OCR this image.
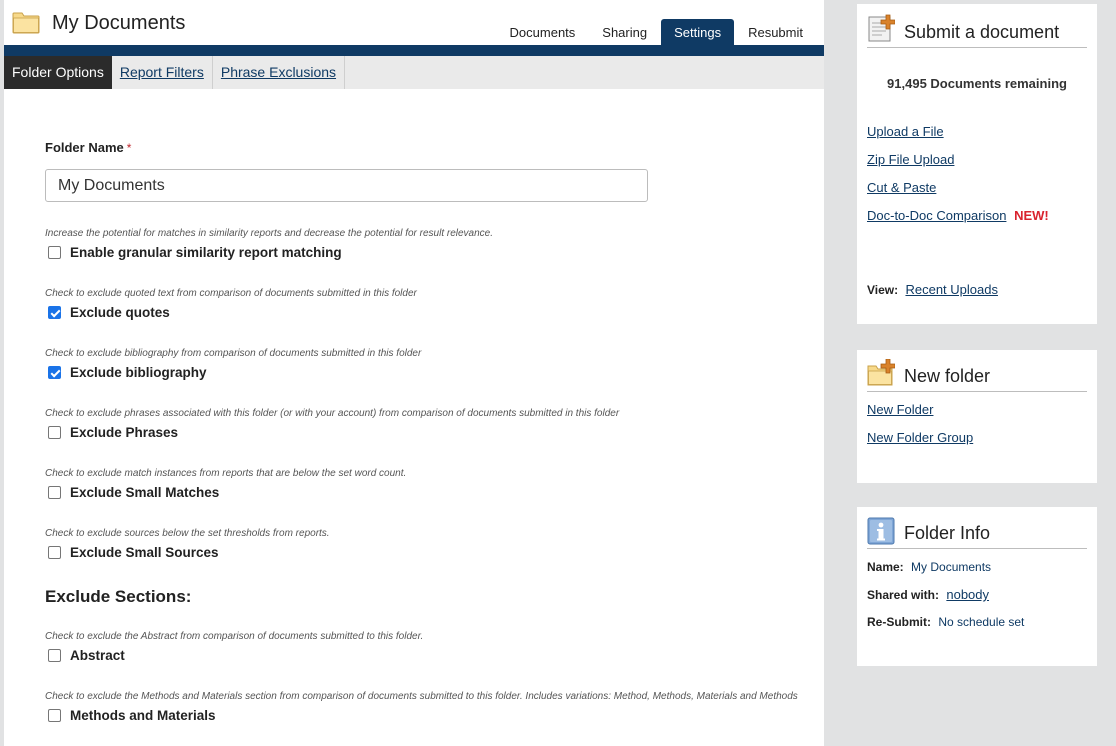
My Documents	Documents	Sharing	Settings	Resubmit
Folder Options	Report Filters	Phrase Exclusions
Folder Name *
My Documents
Increase the potential for matches in similarity reports and decrease the potential for result relevance.
Enable granular similarity report matching
Check to exclude quoted text from comparison of documents submitted in this folder
Exclude quotes
Check to exclude bibliography from comparison of documents submitted in this folder
Exclude bibliography
Check to exclude phrases associated with this folder (or with your account) from comparison of documents submitted in this folder
Exclude Phrases
Check to exclude match instances from reports that are below the set word count.
Exclude Small Matches
Check to exclude sources below the set thresholds from reports.
Exclude Small Sources
Exclude Sections:
Check to exclude the Abstract from comparison of documents submitted to this folder.
Abstract
Check to exclude the Methods and Materials section from comparison of documents submitted to this folder. Includes variations: Method, Methods, Materials and Methods
Methods and Materials
Submit a document
91,495 Documents remaining
Upload a File
Zip File Upload
Cut & Paste
Doc-to-Doc Comparison NEW!
View: Recent Uploads
New folder
New Folder
New Folder Group
Folder Info
Name: My Documents
Shared with: nobody
Re-Submit: No schedule set
